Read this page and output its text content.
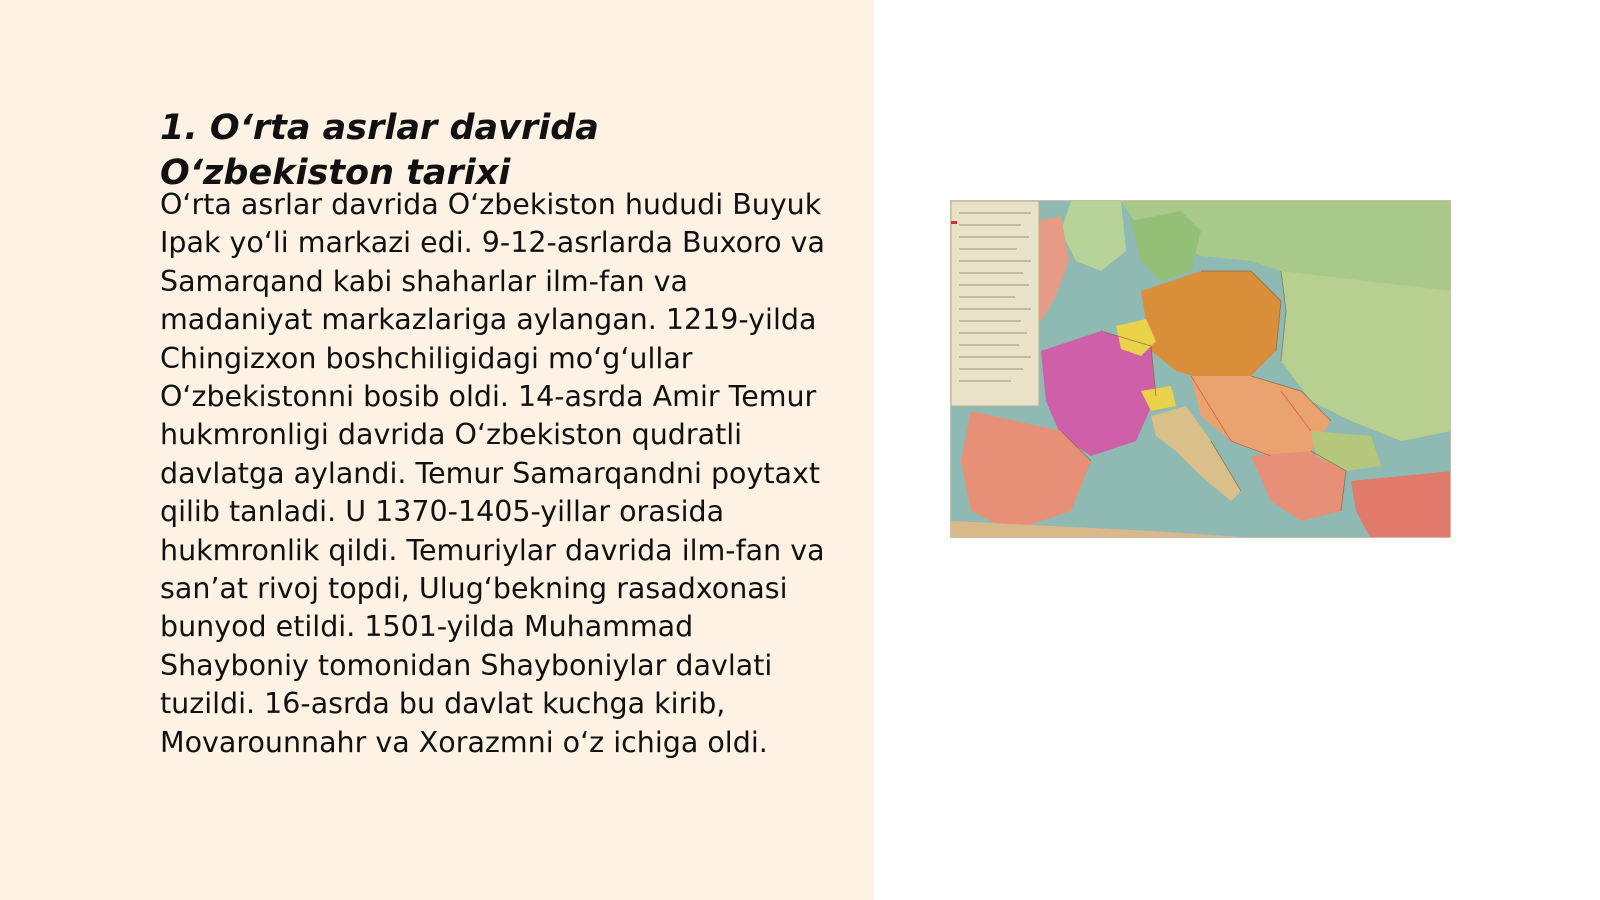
1. O‘rta asrlar davrida O‘zbekiston tarixi

O‘rta asrlar davrida O‘zbekiston hududi Buyuk Ipak yo‘li markazi edi. 9-12-asrlarda Buxoro va Samarqand kabi shaharlar ilm-fan va madaniyat markazlariga aylangan. 1219-yilda Chingizxon boshchiligidagi mo‘g‘ullar O‘zbekistonni bosib oldi. 14-asrda Amir Temur hukmronligi davrida O‘zbekiston qudratli davlatga aylandi. Temur Samarqandni poytaxt qilib tanladi. U 1370-1405-yillar orasida hukmronlik qildi. Temuriylar davrida ilm-fan va san’at rivoj topdi, Ulug‘bekning rasadxonasi bunyod etildi. 1501-yilda Muhammad Shayboniy tomonidan Shayboniylar davlati tuzildi. 16-asrda bu davlat kuchga kirib, Movarounnahr va Xorazmni o‘z ichiga oldi.
